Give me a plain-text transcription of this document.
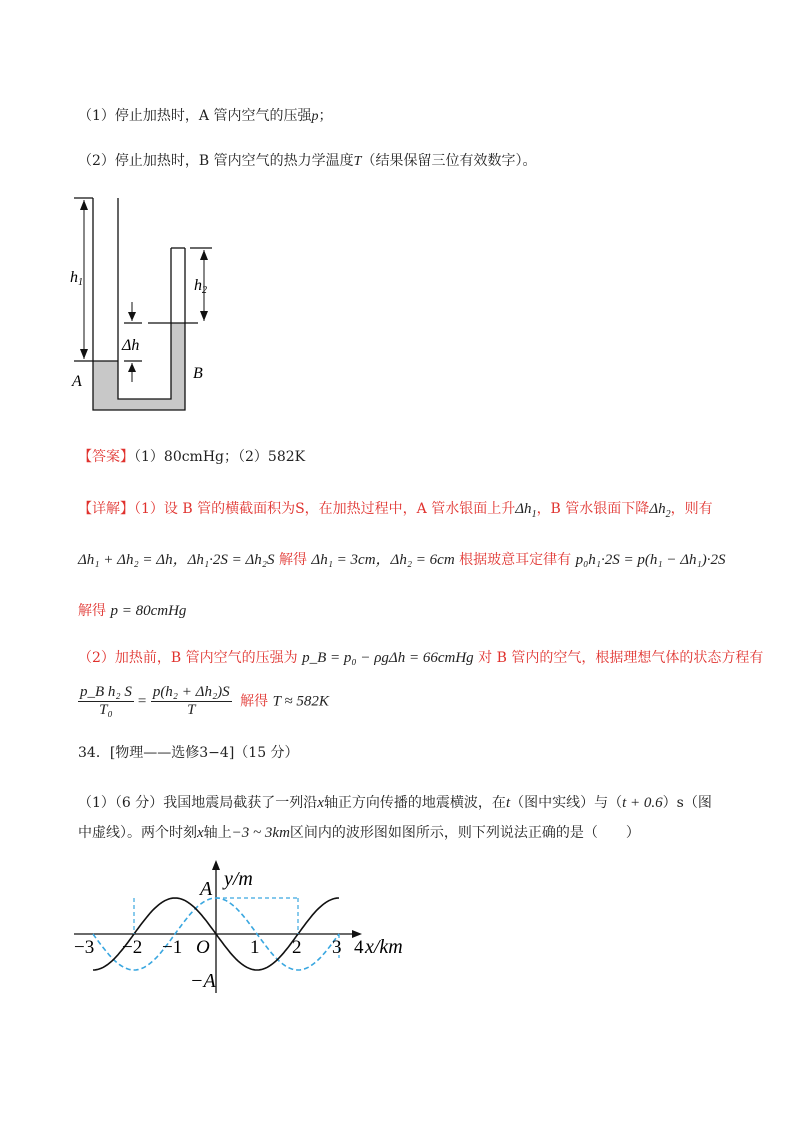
（1）停止加热时，A 管内空气的压强p；
（2）停止加热时，B 管内空气的热力学温度T（结果保留三位有效数字）。
h1	h2
Δh
A	B
【答案】（1）80cmHg；（2）582K
【详解】（1）设 B 管的横截面积为S，在加热过程中，A 管水银面上升$\Delta h_1$，B 管水银面下降$\Delta h_2$，则有
Δh₁ + Δh₂ = Δh，Δh₁·2S = Δh₂S 解得 Δh₁ = 3cm，Δh₂ = 6cm 根据玻意耳定律有 p₀h₁·2S = p(h₁ − Δh₁)·2S
解得 p = 80cmHg
（2）加热前，B 管内空气的压强为 p_B = p₀ − ρgΔh = 66cmHg 对 B 管内的空气，根据理想气体的状态方程有
$\frac{\text{p\_B h₂ S}}{\text{T₀}} = \frac{\text{p(h₂ + Δh₂)S}}{T}$ 解得 T ≈ 582K
34．[物理——选修3−4]（15 分）
（1）（6 分）我国地震局截获了一列沿x轴正方向传播的地震横波，在t（图中实线）与（t + 0.6）s（图
中虚线）。两个时刻x轴上−3 ~ 3km区间内的波形图如图所示，则下列说法正确的是（　　）
y/m
x/km
A
−A
O
−3 −2 −1	1 2 3 4
